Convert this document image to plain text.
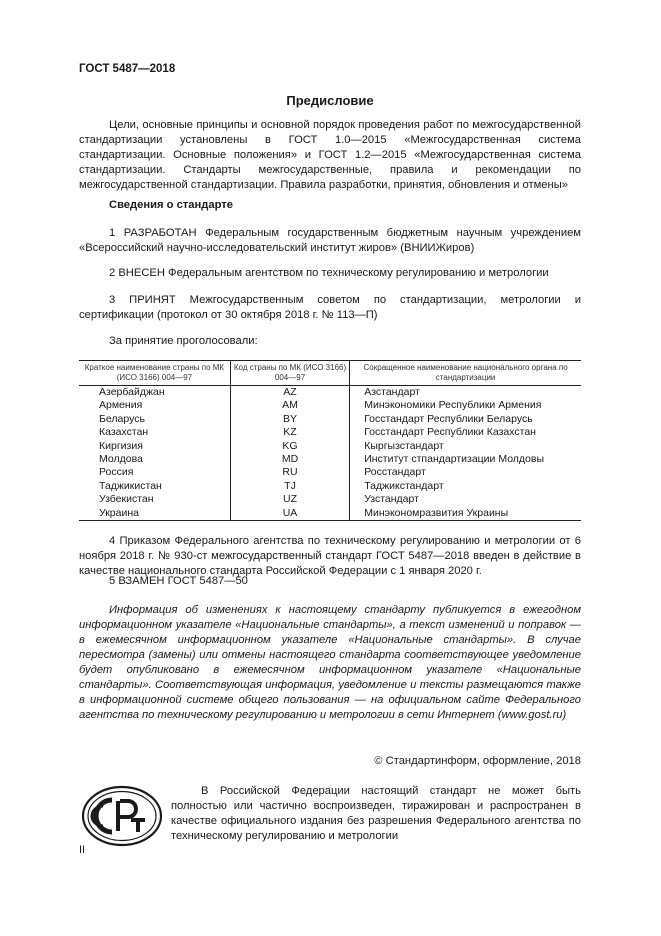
ГОСТ 5487—2018
Предисловие
Цели, основные принципы и основной порядок проведения работ по межгосударственной стандартизации установлены в ГОСТ 1.0—2015 «Межгосударственная система стандартизации. Основные положения» и ГОСТ 1.2—2015 «Межгосударственная система стандартизации. Стандарты межгосударственные, правила и рекомендации по межгосударственной стандартизации. Правила разработки, принятия, обновления и отмены»
Сведения о стандарте
1 РАЗРАБОТАН Федеральным государственным бюджетным научным учреждением «Всероссийский научно-исследовательский институт жиров» (ВНИИЖиров)
2 ВНЕСЕН Федеральным агентством по техническому регулированию и метрологии
3 ПРИНЯТ Межгосударственным советом по стандартизации, метрологии и сертификации (протокол от 30 октября 2018 г. № 113—П)
За принятие проголосовали:
Краткое наименование страны по МК (ИСО 3166) 004—97	Код страны по МК (ИСО 3166) 004—97	Сокращенное наименование национального органа по стандартизации
Азербайджан	AZ	Азстандарт
Армения	AM	Минэкономики Республики Армения
Беларусь	BY	Госстандарт Республики Беларусь
Казахстан	KZ	Госстандарт Республики Казахстан
Киргизия	KG	Кыргызстандарт
Молдова	MD	Институт стпандартизации Молдовы
Россия	RU	Росстандарт
Таджикистан	TJ	Таджикстандарт
Узбекистан	UZ	Узстандарт
Украина	UA	Минэкономразвития Украины
4 Приказом Федерального агентства по техническому регулированию и метрологии от 6 ноября 2018 г. № 930-ст межгосударственный стандарт ГОСТ 5487—2018 введен в действие в качестве национального стандарта Российской Федерации с 1 января 2020 г.
5 ВЗАМЕН ГОСТ 5487—50
Информация об изменениях к настоящему стандарту публикуется в ежегодном информационном указателе «Национальные стандарты», а текст изменений и поправок — в ежемесячном информационном указателе «Национальные стандарты». В случае пересмотра (замены) или отмены настоящего стандарта соответствующее уведомление будет опубликовано в ежемесячном информационном указателе «Национальные стандарты». Соответствующая информация, уведомление и тексты размещаются также в информационной системе общего пользования — на официальном сайте Федерального агентства по техническому регулированию и метрологии в сети Интернет (www.gost.ru)
© Стандартинформ, оформление, 2018
В Российской Федерации настоящий стандарт не может быть полностью или частично воспроизведен, тиражирован и распространен в качестве официального издания без разрешения Федерального агентства по техническому регулированию и метрологии
II
